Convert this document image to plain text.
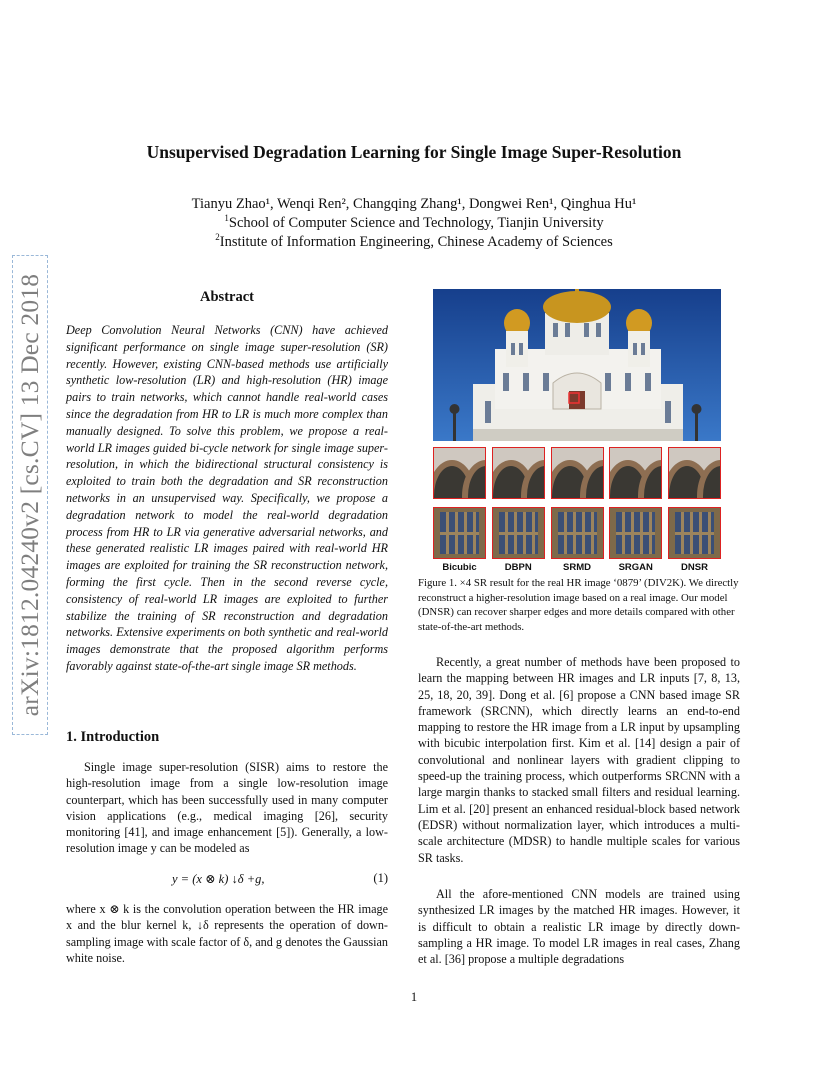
Unsupervised Degradation Learning for Single Image Super-Resolution
Tianyu Zhao¹, Wenqi Ren², Changqing Zhang¹, Dongwei Ren¹, Qinghua Hu¹
$^1$School of Computer Science and Technology, Tianjin University
$^2$Institute of Information Engineering, Chinese Academy of Sciences
arXiv:1812.04240v2 [cs.CV] 13 Dec 2018	Abstract
Deep Convolution Neural Networks (CNN) have achieved significant performance on single image super-resolution (SR) recently. However, existing CNN-based methods use artificially synthetic low-resolution (LR) and high-resolution (HR) image pairs to train networks, which cannot handle real-world cases since the degradation from HR to LR is much more complex than manually designed. To solve this problem, we propose a real-world LR images guided bi-cycle network for single image super-resolution, in which the bidirectional structural consistency is exploited to train both the degradation and SR reconstruction networks in an unsupervised way. Specifically, we propose a degradation network to model the real-world degradation process from HR to LR via generative adversarial networks, and these generated realistic LR images paired with real-world HR images are exploited for training the SR reconstruction network, forming the first cycle. Then in the second reverse cycle, consistency of real-world LR images are exploited to further stabilize the training of SR reconstruction and degradation networks. Extensive experiments on both synthetic and real-world images demonstrate that the proposed algorithm performs favorably against state-of-the-art single image SR methods.
1. Introduction
Single image super-resolution (SISR) aims to restore the high-resolution image from a single low-resolution image counterpart, which has been successfully used in many computer vision applications (e.g., medical imaging [26], security monitoring [41], and image enhancement [5]). Generally, a low-resolution image y can be modeled as
y = (x ⊗ k) ↓δ +g,	(1)
where x ⊗ k is the convolution operation between the HR image x and the blur kernel k, ↓δ represents the operation of down-sampling image with scale factor of δ, and g denotes the Gaussian white noise.
Bicubic	DBPN	SRMD	SRGAN	DNSR
Figure 1. ×4 SR result for the real HR image ‘0879’ (DIV2K). We directly reconstruct a higher-resolution image based on a real image. Our model (DNSR) can recover sharper edges and more details compared with other state-of-the-art methods.
Recently, a great number of methods have been proposed to learn the mapping between HR images and LR inputs [7, 8, 13, 25, 18, 20, 39]. Dong et al. [6] propose a CNN based image SR framework (SRCNN), which directly learns an end-to-end mapping to restore the HR image from a LR input by upsampling with bicubic interpolation first. Kim et al. [14] design a pair of convolutional and nonlinear layers with gradient clipping to speed-up the training process, which outperforms SRCNN with a large margin thanks to stacked small filters and residual learning. Lim et al. [20] present an enhanced residual-block based network (EDSR) without normalization layer, which introduces a multi-scale architecture (MDSR) to handle multiple scales for various SR tasks.
All the afore-mentioned CNN models are trained using synthesized LR images by the matched HR images. However, it is difficult to obtain a realistic LR image by directly down-sampling a HR image. To model LR images in real cases, Zhang et al. [36] propose a multiple degradations
1
